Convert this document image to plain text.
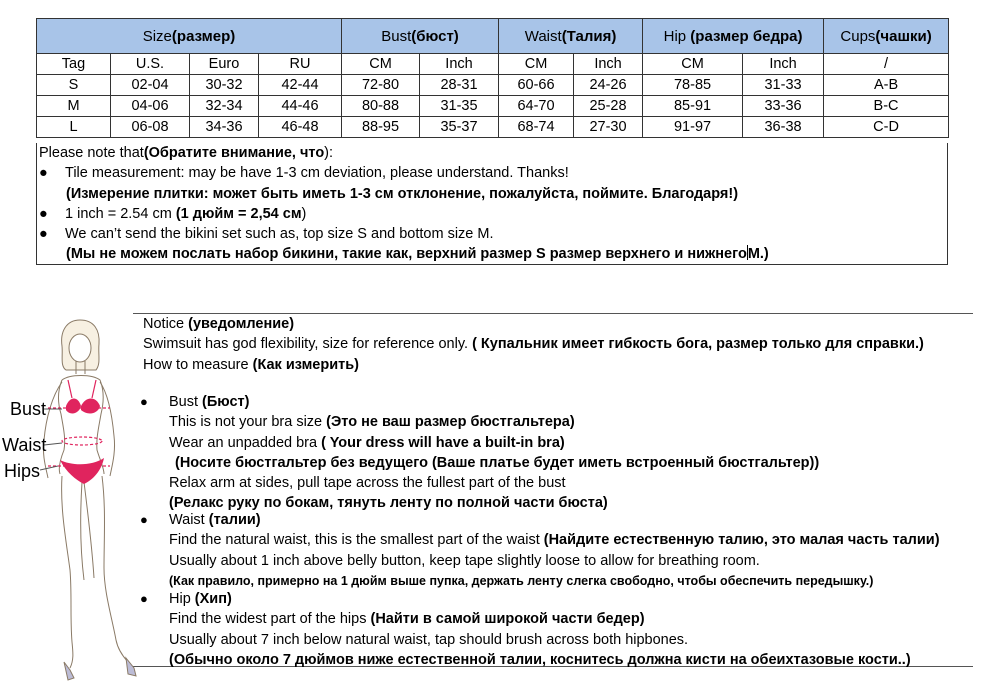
Size(размер)				Bust(бюст)		Waist(Талия)		Hip (размер бедра)		Cups(чашки)
Tag	U.S.	Euro	RU	CM	Inch	CM	Inch	CM	Inch	/
S	02-04	30-32	42-44	72-80	28-31	60-66	24-26	78-85	31-33	A-B
M	04-06	32-34	44-46	80-88	31-35	64-70	25-28	85-91	33-36	B-C
L	06-08	34-36	46-48	88-95	35-37	68-74	27-30	91-97	36-38	C-D
Please note that(Обратите внимание, что):
● Tile measurement: may be have 1-3 cm deviation, please understand. Thanks!
(Измерение плитки: может быть иметь 1-3 см отклонение, пожалуйста, поймите. Благодаря!)
● 1 inch = 2.54 cm (1 дюйм = 2,54 см)
● We can’t send the bikini set such as, top size S and bottom size M.
(Мы не можем послать набор бикини, такие как, верхний размер S размер верхнего и нижнегоM.)
Bust
Waist
Hips
Notice (уведомление)
Swimsuit has god flexibility, size for reference only. ( Купальник имеет гибкость бога, размер только для справки.)
How to measure (Как измерить)
● Bust (Бюст)
This is not your bra size (Это не ваш размер бюстгальтера)
Wear an unpadded bra ( Your dress will have a built-in bra)
(Носите бюстгальтер без ведущего (Ваше платье будет иметь встроенный бюстгальтер))
Relax arm at sides, pull tape across the fullest part of the bust
(Релакс руку по бокам, тянуть ленту по полной части бюста)
● Waist (талии)
Find the natural waist, this is the smallest part of the waist (Найдите естественную талию, это малая часть талии)
Usually about 1 inch above belly button, keep tape slightly loose to allow for breathing room.
(Как правило, примерно на 1 дюйм выше пупка, держать ленту слегка свободно, чтобы обеспечить передышку.)
● Hip (Хип)
Find the widest part of the hips (Найти в самой широкой части бедер)
Usually about 7 inch below natural waist, tap should brush across both hipbones.
(Обычно около 7 дюймов ниже естественной талии, коснитесь должна кисти на обеихтазовые кости..)
